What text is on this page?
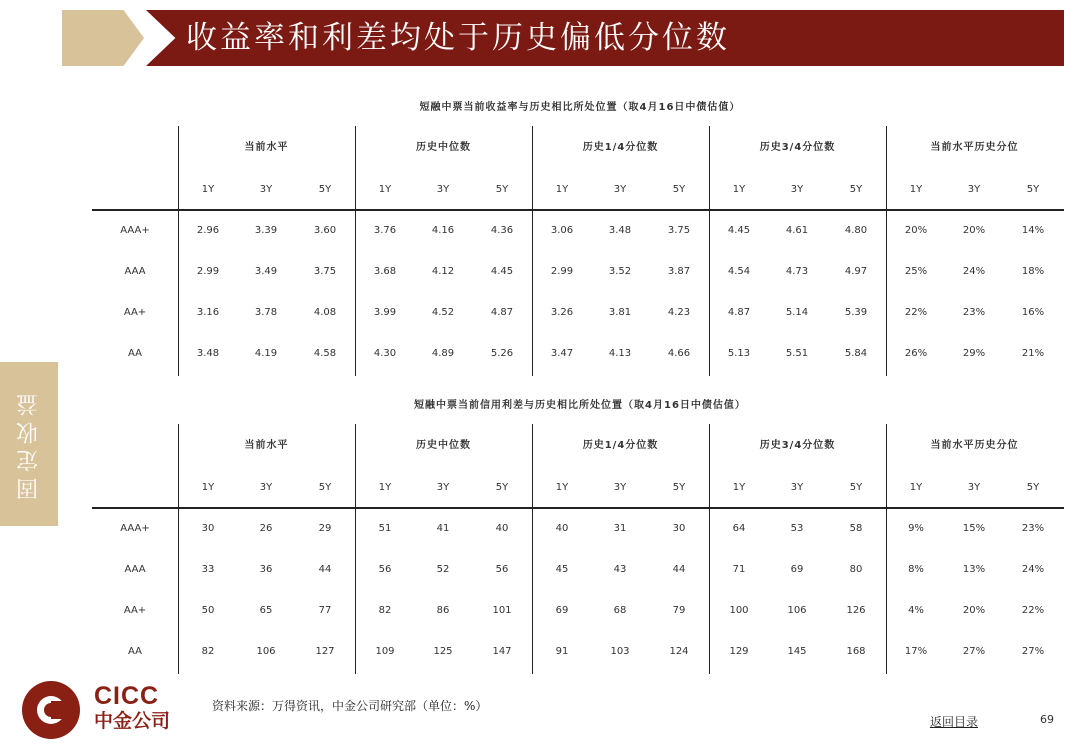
收益率和利差均处于历史偏低分位数
固定收益
短融中票当前收益率与历史相比所处位置（取4月16日中债估值）
当前水平	历史中位数	历史1/4分位数	历史3/4分位数	当前水平历史分位
1Y	3Y	5Y	1Y	3Y	5Y	1Y	3Y	5Y	1Y	3Y	5Y	1Y	3Y	5Y
AAA+	2.96	3.39	3.60	3.76	4.16	4.36	3.06	3.48	3.75	4.45	4.61	4.80	20%	20%	14%
AAA	2.99	3.49	3.75	3.68	4.12	4.45	2.99	3.52	3.87	4.54	4.73	4.97	25%	24%	18%
AA+	3.16	3.78	4.08	3.99	4.52	4.87	3.26	3.81	4.23	4.87	5.14	5.39	22%	23%	16%
AA	3.48	4.19	4.58	4.30	4.89	5.26	3.47	4.13	4.66	5.13	5.51	5.84	26%	29%	21%
短融中票当前信用利差与历史相比所处位置（取4月16日中债估值）
当前水平	历史中位数	历史1/4分位数	历史3/4分位数	当前水平历史分位
1Y	3Y	5Y	1Y	3Y	5Y	1Y	3Y	5Y	1Y	3Y	5Y	1Y	3Y	5Y
AAA+	30	26	29	51	41	40	40	31	30	64	53	58	9%	15%	23%
AAA	33	36	44	56	52	56	45	43	44	71	69	80	8%	13%	24%
AA+	50	65	77	82	86	101	69	68	79	100	106	126	4%	20%	22%
AA	82	106	127	109	125	147	91	103	124	129	145	168	17%	27%	27%
CICC
中金公司
资料来源：万得资讯，中金公司研究部（单位：%）
返回目录	69
